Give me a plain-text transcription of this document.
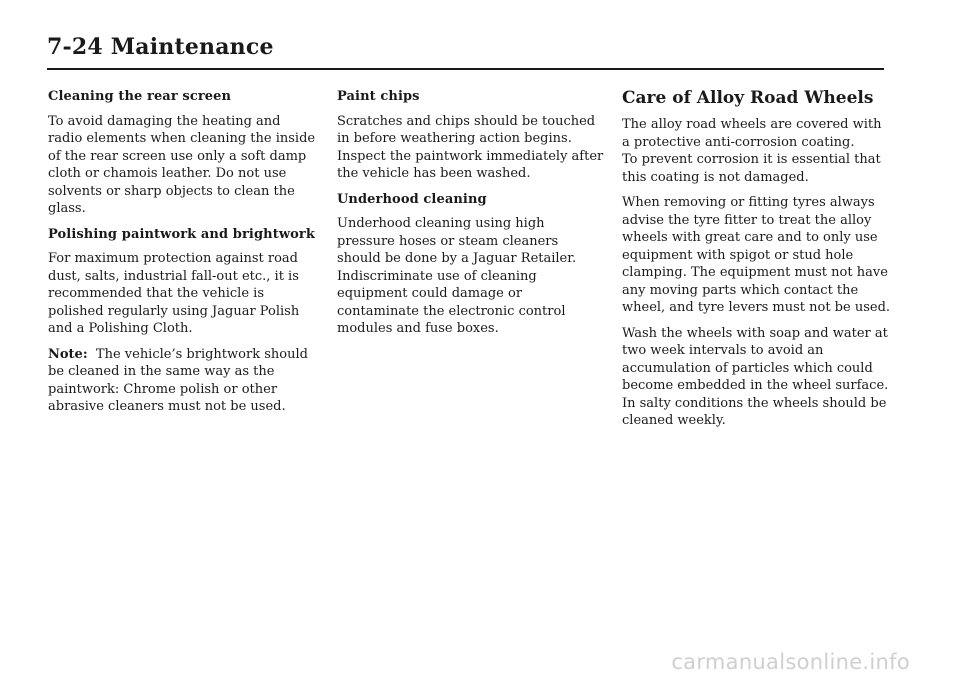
7-24 Maintenance
Cleaning the rear screen

To avoid damaging the heating and radio elements when cleaning the inside of the rear screen use only a soft damp cloth or chamois leather. Do not use solvents or sharp objects to clean the glass.

Polishing paintwork and brightwork

For maximum protection against road dust, salts, industrial fall-out etc., it is recommended that the vehicle is polished regularly using Jaguar Polish and a Polishing Cloth.

Note: The vehicle’s brightwork should be cleaned in the same way as the paintwork: Chrome polish or other abrasive cleaners must not be used.

Paint chips

Scratches and chips should be touched in before weathering action begins. Inspect the paintwork immediately after the vehicle has been washed.

Underhood cleaning

Underhood cleaning using high pressure hoses or steam cleaners should be done by a Jaguar Retailer. Indiscriminate use of cleaning equipment could damage or contaminate the electronic control modules and fuse boxes.

Care of Alloy Road Wheels

The alloy road wheels are covered with a protective anti-corrosion coating.
To prevent corrosion it is essential that this coating is not damaged.

When removing or fitting tyres always advise the tyre fitter to treat the alloy wheels with great care and to only use equipment with spigot or stud hole clamping. The equipment must not have any moving parts which contact the wheel, and tyre levers must not be used.

Wash the wheels with soap and water at two week intervals to avoid an accumulation of particles which could become embedded in the wheel surface. In salty conditions the wheels should be cleaned weekly.

carmanualsonline.info
